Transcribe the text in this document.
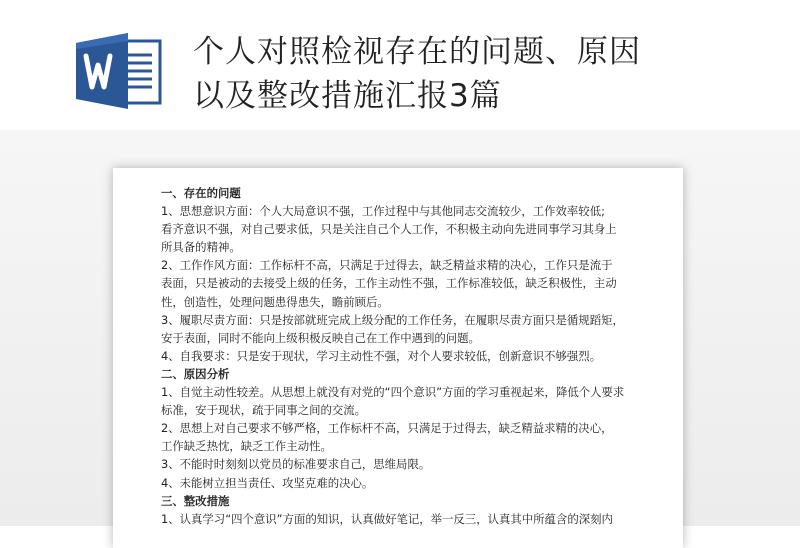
个人对照检视存在的问题、原因
以及整改措施汇报3篇

一、存在的问题

1、思想意识方面：个人大局意识不强，工作过程中与其他同志交流较少，工作效率较低;

看齐意识不强，对自己要求低，只是关注自己个人工作，不积极主动向先进同事学习其身上

所具备的精神。

2、工作作风方面：工作标杆不高，只满足于过得去，缺乏精益求精的决心，工作只是流于

表面，只是被动的去接受上级的任务，工作主动性不强，工作标准较低，缺乏积极性，主动

性，创造性，处理问题患得患失，瞻前顾后。

3、履职尽责方面：只是按部就班完成上级分配的工作任务，在履职尽责方面只是循规蹈矩，

安于表面，同时不能向上级积极反映自己在工作中遇到的问题。

4、自我要求：只是安于现状，学习主动性不强，对个人要求较低，创新意识不够强烈。

二、原因分析

1、自觉主动性较差。从思想上就没有对党的“四个意识”方面的学习重视起来，降低个人要求

标准，安于现状，疏于同事之间的交流。

2、思想上对自己要求不够严格，工作标杆不高，只满足于过得去，缺乏精益求精的决心，

工作缺乏热忱，缺乏工作主动性。

3、不能时时刻刻以党员的标准要求自己，思维局限。

4、未能树立担当责任、攻坚克难的决心。

三、整改措施

1、认真学习“四个意识”方面的知识，认真做好笔记，举一反三，认真其中所蕴含的深刻内
